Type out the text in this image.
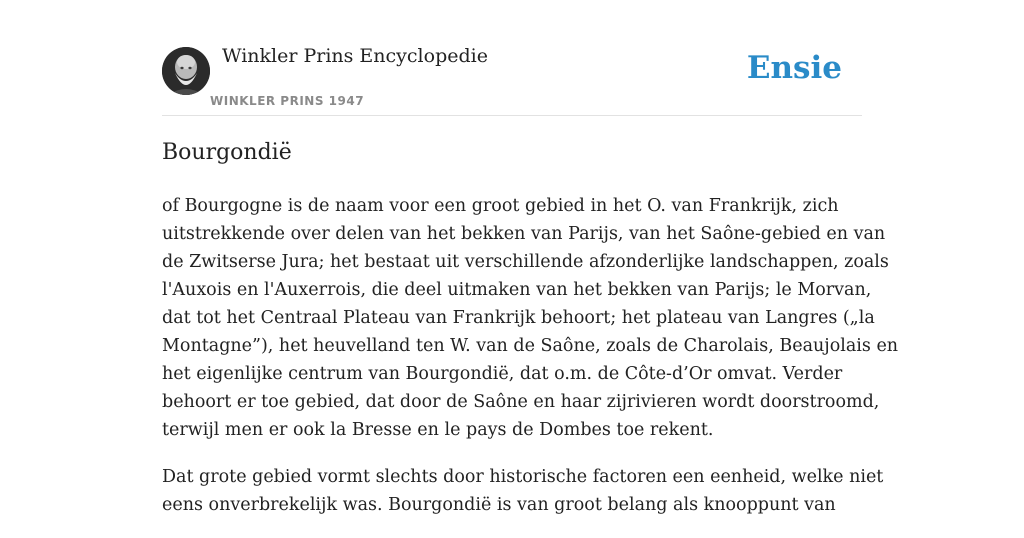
Winkler Prins Encyclopedie
WINKLER PRINS 1947
Ensie
Bourgondië

of Bourgogne is de naam voor een groot gebied in het O. van Frankrijk, zich
uitstrekkende over delen van het bekken van Parijs, van het Saône-gebied en van
de Zwitserse Jura; het bestaat uit verschillende afzonderlijke landschappen, zoals
l'Auxois en l'Auxerrois, die deel uitmaken van het bekken van Parijs; le Morvan,
dat tot het Centraal Plateau van Frankrijk behoort; het plateau van Langres („la
Montagne”), het heuvelland ten W. van de Saône, zoals de Charolais, Beaujolais en
het eigenlijke centrum van Bourgondië, dat o.m. de Côte-d’Or omvat. Verder
behoort er toe gebied, dat door de Saône en haar zijrivieren wordt doorstroomd,
terwijl men er ook la Bresse en le pays de Dombes toe rekent.

Dat grote gebied vormt slechts door historische factoren een eenheid, welke niet
eens onverbrekelijk was. Bourgondië is van groot belang als knooppunt van
